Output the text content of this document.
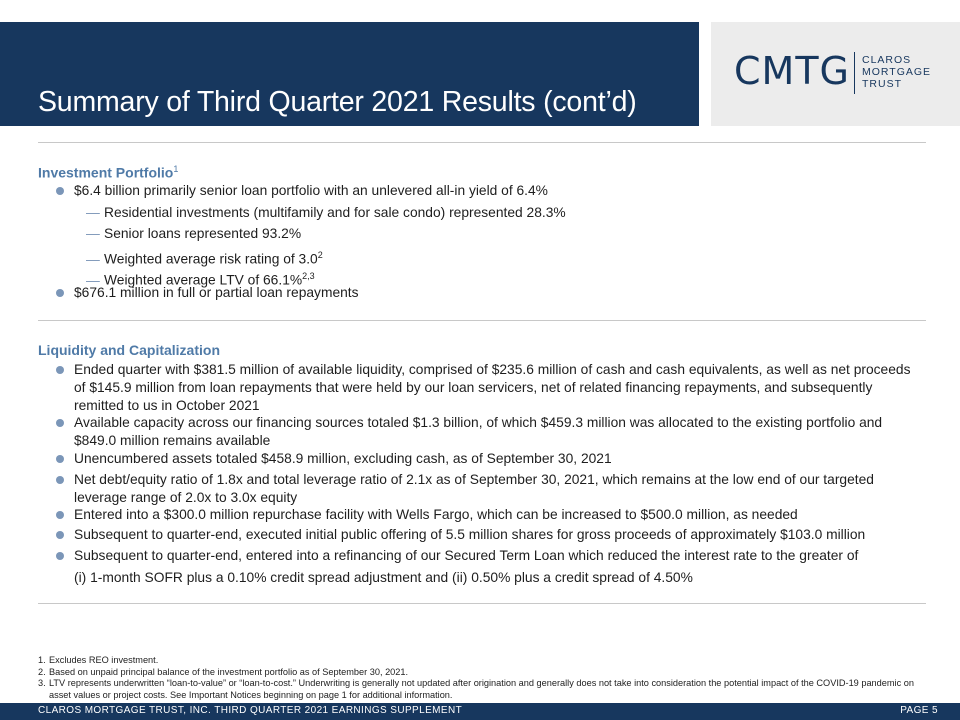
Summary of Third Quarter 2021 Results (cont’d)
CMTG CLAROS
MORTGAGE
TRUST
Investment Portfolio$^1$
$6.4 billion primarily senior loan portfolio with an unlevered all-in yield of 6.4%
— Residential investments (multifamily and for sale condo) represented 28.3%
— Senior loans represented 93.2%
— Weighted average risk rating of $3.0^2$
— Weighted average LTV of 66.1%$^{2,3}$
$676.1 million in full or partial loan repayments
Liquidity and Capitalization
Ended quarter with $381.5 million of available liquidity, comprised of $235.6 million of cash and cash equivalents, as well as net proceeds of $145.9 million from loan repayments that were held by our loan servicers, net of related financing repayments, and subsequently remitted to us in October 2021
Available capacity across our financing sources totaled $1.3 billion, of which $459.3 million was allocated to the existing portfolio and $849.0 million remains available
Unencumbered assets totaled $458.9 million, excluding cash, as of September 30, 2021
Net debt/equity ratio of 1.8x and total leverage ratio of 2.1x as of September 30, 2021, which remains at the low end of our targeted leverage range of 2.0x to 3.0x equity
Entered into a $300.0 million repurchase facility with Wells Fargo, which can be increased to $500.0 million, as needed
Subsequent to quarter-end, executed initial public offering of 5.5 million shares for gross proceeds of approximately $103.0 million
Subsequent to quarter-end, entered into a refinancing of our Secured Term Loan which reduced the interest rate to the greater of
(i) 1-month SOFR plus a 0.10% credit spread adjustment and (ii) 0.50% plus a credit spread of 4.50%
1. Excludes REO investment.
2. Based on unpaid principal balance of the investment portfolio as of September 30, 2021.
3. LTV represents underwritten “loan-to-value” or “loan-to-cost.” Underwriting is generally not updated after origination and generally does not take into consideration the potential impact of the COVID-19 pandemic on asset values or project costs. See Important Notices beginning on page 1 for additional information.
CLAROS MORTGAGE TRUST, INC. THIRD QUARTER 2021 EARNINGS SUPPLEMENT	PAGE 5
